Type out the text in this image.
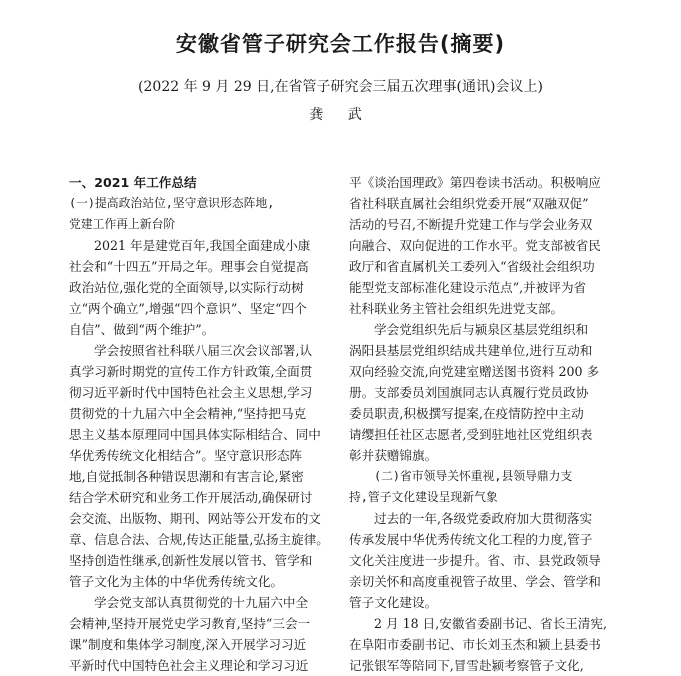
安徽省管子研究会工作报告(摘要)
(2022 年 9 月 29 日,在省管子研究会三届五次理事(通讯)会议上)
龚 武
一、2021 年工作总结
(一)提高政治站位,坚守意识形态阵地,
党建工作再上新台阶
2021 年是建党百年,我国全面建成小康
社会和“十四五”开局之年。理事会自觉提高
政治站位,强化党的全面领导,以实际行动树
立“两个确立”,增强“四个意识”、坚定“四个
自信”、做到“两个维护”。
学会按照省社科联八届三次会议部署,认
真学习新时期党的宣传工作方针政策,全面贯
彻习近平新时代中国特色社会主义思想,学习
贯彻党的十九届六中全会精神,“坚持把马克
思主义基本原理同中国具体实际相结合、同中
华优秀传统文化相结合”。坚守意识形态阵
地,自觉抵制各种错误思潮和有害言论,紧密
结合学术研究和业务工作开展活动,确保研讨
会交流、出版物、期刊、网站等公开发布的文
章、信息合法、合规,传达正能量,弘扬主旋律。
坚持创造性继承,创新性发展以管书、管学和
管子文化为主体的中华优秀传统文化。
学会党支部认真贯彻党的十九届六中全
会精神,坚持开展党史学习教育,坚持“三会一
课”制度和集体学习制度,深入开展学习习近
平新时代中国特色社会主义理论和学习习近
平《谈治国理政》第四卷读书活动。积极响应
省社科联直属社会组织党委开展“双融双促”
活动的号召,不断提升党建工作与学会业务双
向融合、双向促进的工作水平。党支部被省民
政厅和省直属机关工委列入“省级社会组织功
能型党支部标准化建设示范点”,并被评为省
社科联业务主管社会组织先进党支部。
学会党组织先后与颍泉区基层党组织和
涡阳县基层党组织结成共建单位,进行互动和
双向经验交流,向党建室赠送图书资料 200 多
册。支部委员刘国旗同志认真履行党员政协
委员职责,积极撰写提案,在疫情防控中主动
请缨担任社区志愿者,受到驻地社区党组织表
彰并获赠锦旗。
(二)省市领导关怀重视,县领导鼎力支
持,管子文化建设呈现新气象
过去的一年,各级党委政府加大贯彻落实
传承发展中华优秀传统文化工程的力度,管子
文化关注度进一步提升。省、市、县党政领导
亲切关怀和高度重视管子故里、学会、管学和
管子文化建设。
2 月 18 日,安徽省委副书记、省长王清宪,
在阜阳市委副书记、市长刘玉杰和颍上县委书
记张银军等陪同下,冒雪赴颍考察管子文化,
